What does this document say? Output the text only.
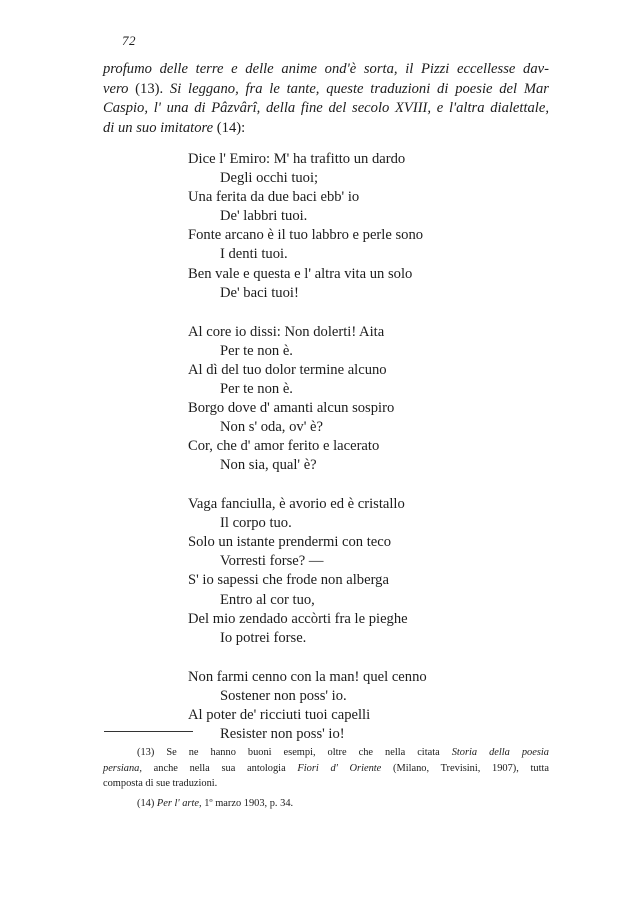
72
profumo delle terre e delle anime ond'è sorta, il Pizzi eccellesse dav-
vero (13). Si leggano, fra le tante, queste traduzioni di poesie del Mar
Caspio, l' una di Pâzvârî, della fine del secolo XVIII, e l'altra dialettale,
di un suo imitatore (14):
Dice l' Emiro: M' ha trafitto un dardo
Degli occhi tuoi;
Una ferita da due baci ebb' io
De' labbri tuoi.
Fonte arcano è il tuo labbro e perle sono
I denti tuoi.
Ben vale e questa e l' altra vita un solo
De' baci tuoi!
Al core io dissi: Non dolerti! Aita
Per te non è.
Al dì del tuo dolor termine alcuno
Per te non è.
Borgo dove d' amanti alcun sospiro
Non s' oda, ov' è?
Cor, che d' amor ferito e lacerato
Non sia, qual' è?
Vaga fanciulla, è avorio ed è cristallo
Il corpo tuo.
Solo un istante prendermi con teco
Vorresti forse? —
S' io sapessi che frode non alberga
Entro al cor tuo,
Del mio zendado accòrti fra le pieghe
Io potrei forse.
Non farmi cenno con la man! quel cenno
Sostener non poss' io.
Al poter de' ricciuti tuoi capelli
Resister non poss' io!
(13) Se ne hanno buoni esempi, oltre che nella citata Storia della poesia
persiana, anche nella sua antologia Fiori d' Oriente (Milano, Trevisini, 1907), tutta
composta di sue traduzioni.
(14) Per l' arte, 1º marzo 1903, p. 34.
